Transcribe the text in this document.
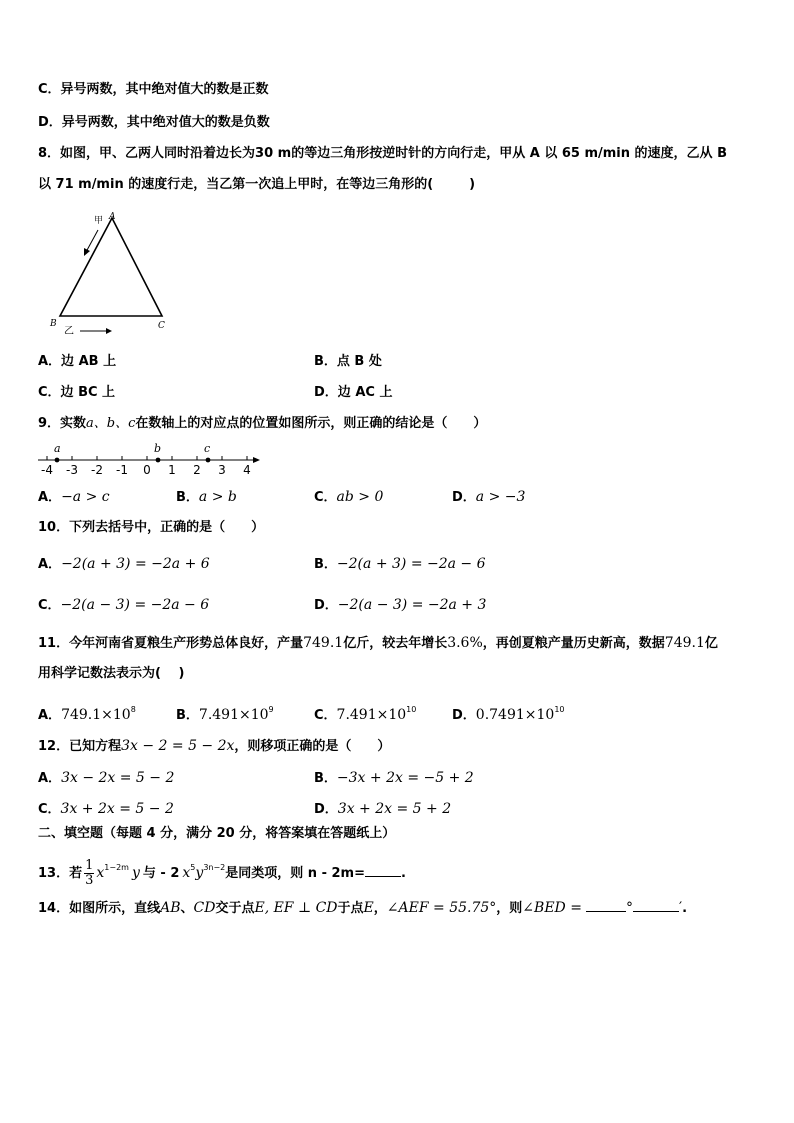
C．异号两数，其中绝对值大的数是正数
D．异号两数，其中绝对值大的数是负数
8．如图，甲、乙两人同时沿着边长为30 m的等边三角形按逆时针的方向行走，甲从 A 以 65 m/min 的速度，乙从 B
以 71 m/min 的速度行走，当乙第一次追上甲时，在等边三角形的(	)
A
B	C
甲
乙
A．边 AB 上	B．点 B 处
C．边 BC 上	D．边 AC 上
9．实数a、b、c在数轴上的对应点的位置如图所示，则正确的结论是（　　）
-4 -3 -2 -1 0 1 2 3 4
a	b	c
A．−a > c	B．a > b	C．ab > 0	D．a > −3
10．下列去括号中，正确的是（　　）
A．−2(a + 3) = −2a + 6	B．−2(a + 3) = −2a − 6
C．−2(a − 3) = −2a − 6	D．−2(a − 3) = −2a + 3
11．今年河南省夏粮生产形势总体良好，产量749.1亿斤，较去年增长3.6%，再创夏粮产量历史新高，数据749.1亿
用科学记数法表示为(　 )
A．$749.1\times 10^8$	B．$7.491\times 10^9$	C．$7.491\times 10^{10}$	D．$0.7491\times 10^{10}$
12．已知方程3x − 2 = 5 − 2x，则移项正确的是（　　）
A．3x − 2x = 5 − 2	B．−3x + 2x = −5 + 2
C．3x + 2x = 5 − 2	D．3x + 2x = 5 + 2
二、填空题（每题 4 分，满分 20 分，将答案填在答题纸上）
13．若 $\frac{1}{3} x^{1-2m}$ y 与 - 2 $x^5y^{3n-2}$是同类项，则 n - 2m=	.
14．如图所示，直线AB、CD交于点E, EF ⊥ CD于点E，∠AEF = 55.75°，则∠BED =	°	′.
